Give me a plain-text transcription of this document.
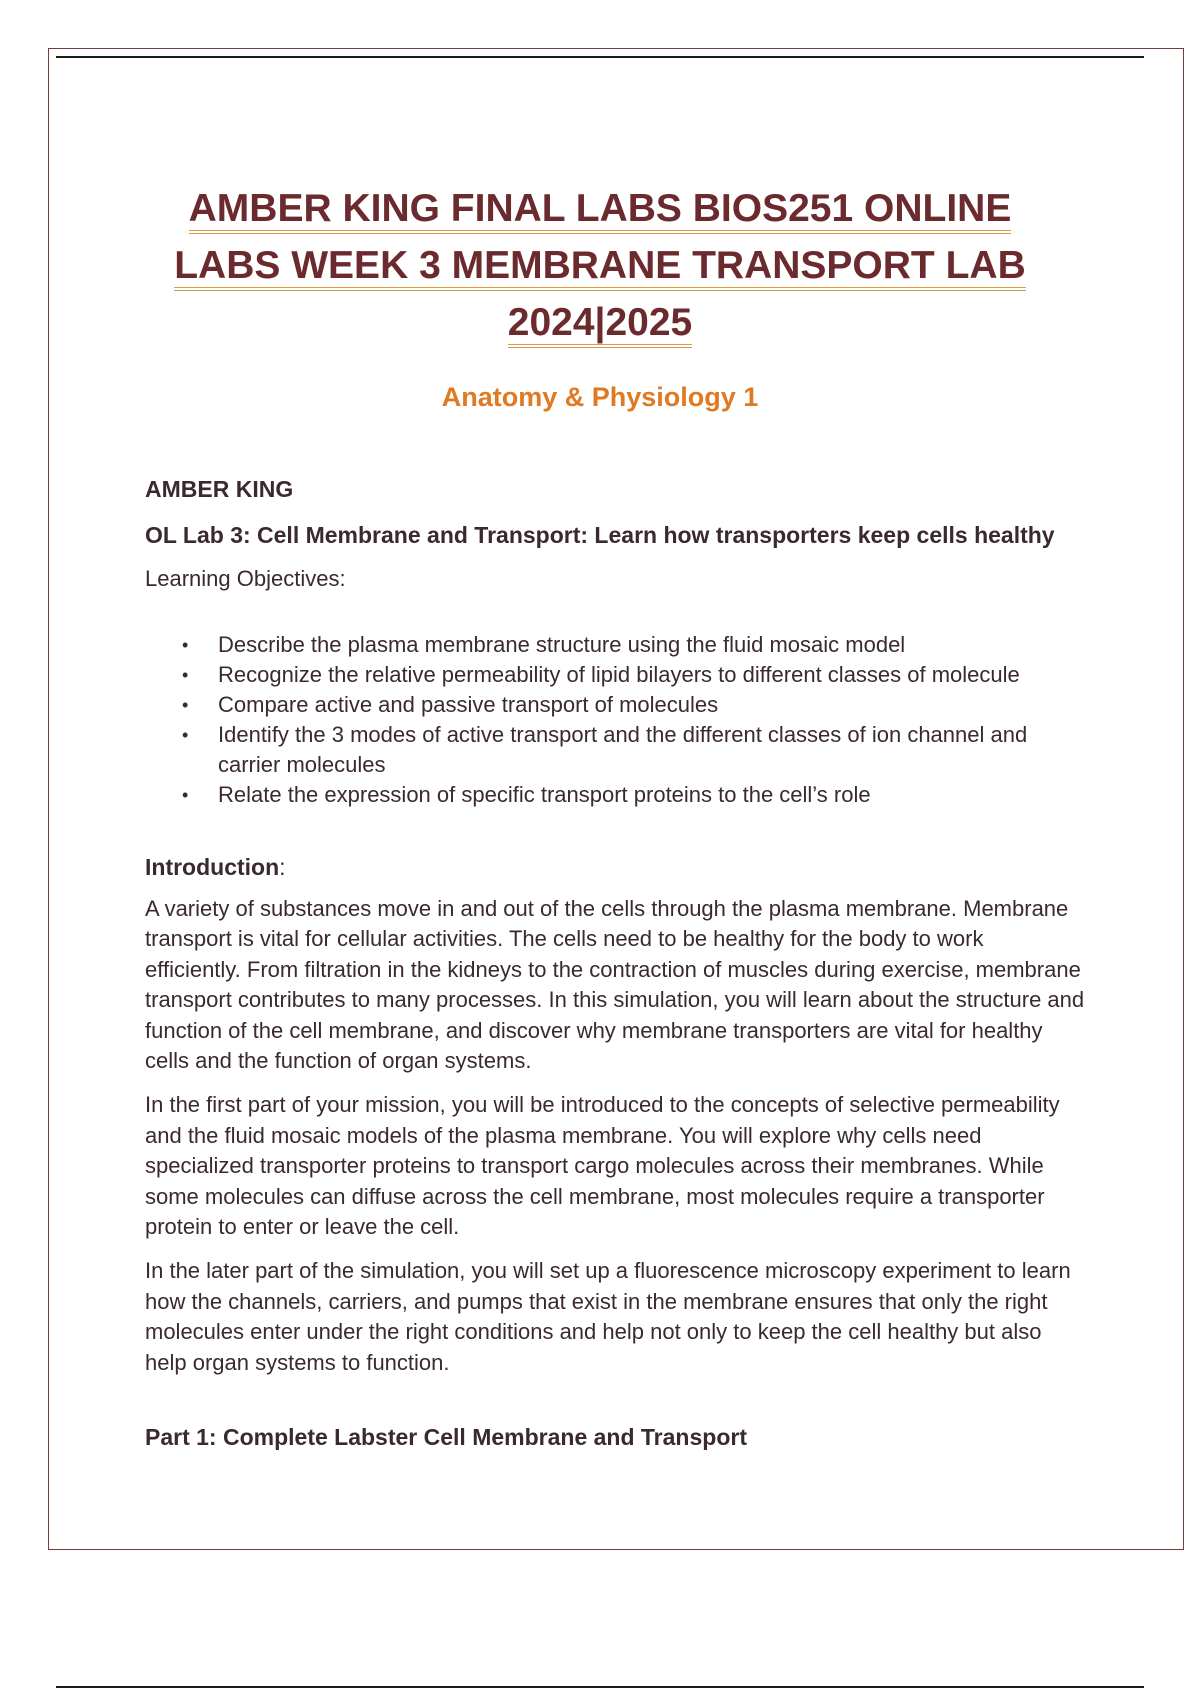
AMBER KING FINAL LABS BIOS251 ONLINE
LABS WEEK 3 MEMBRANE TRANSPORT LAB
2024|2025
Anatomy & Physiology 1
AMBER KING
OL Lab 3: Cell Membrane and Transport: Learn how transporters keep cells healthy
Learning Objectives:
• Describe the plasma membrane structure using the fluid mosaic model
• Recognize the relative permeability of lipid bilayers to different classes of molecule
• Compare active and passive transport of molecules
• Identify the 3 modes of active transport and the different classes of ion channel and carrier molecules
• Relate the expression of specific transport proteins to the cell’s role
Introduction:

A variety of substances move in and out of the cells through the plasma membrane. Membrane transport is vital for cellular activities. The cells need to be healthy for the body to work efficiently. From filtration in the kidneys to the contraction of muscles during exercise, membrane transport contributes to many processes. In this simulation, you will learn about the structure and function of the cell membrane, and discover why membrane transporters are vital for healthy cells and the function of organ systems.

In the first part of your mission, you will be introduced to the concepts of selective permeability and the fluid mosaic models of the plasma membrane. You will explore why cells need specialized transporter proteins to transport cargo molecules across their membranes. While some molecules can diffuse across the cell membrane, most molecules require a transporter protein to enter or leave the cell.

In the later part of the simulation, you will set up a fluorescence microscopy experiment to learn how the channels, carriers, and pumps that exist in the membrane ensures that only the right molecules enter under the right conditions and help not only to keep the cell healthy but also help organ systems to function.

Part 1: Complete Labster Cell Membrane and Transport
